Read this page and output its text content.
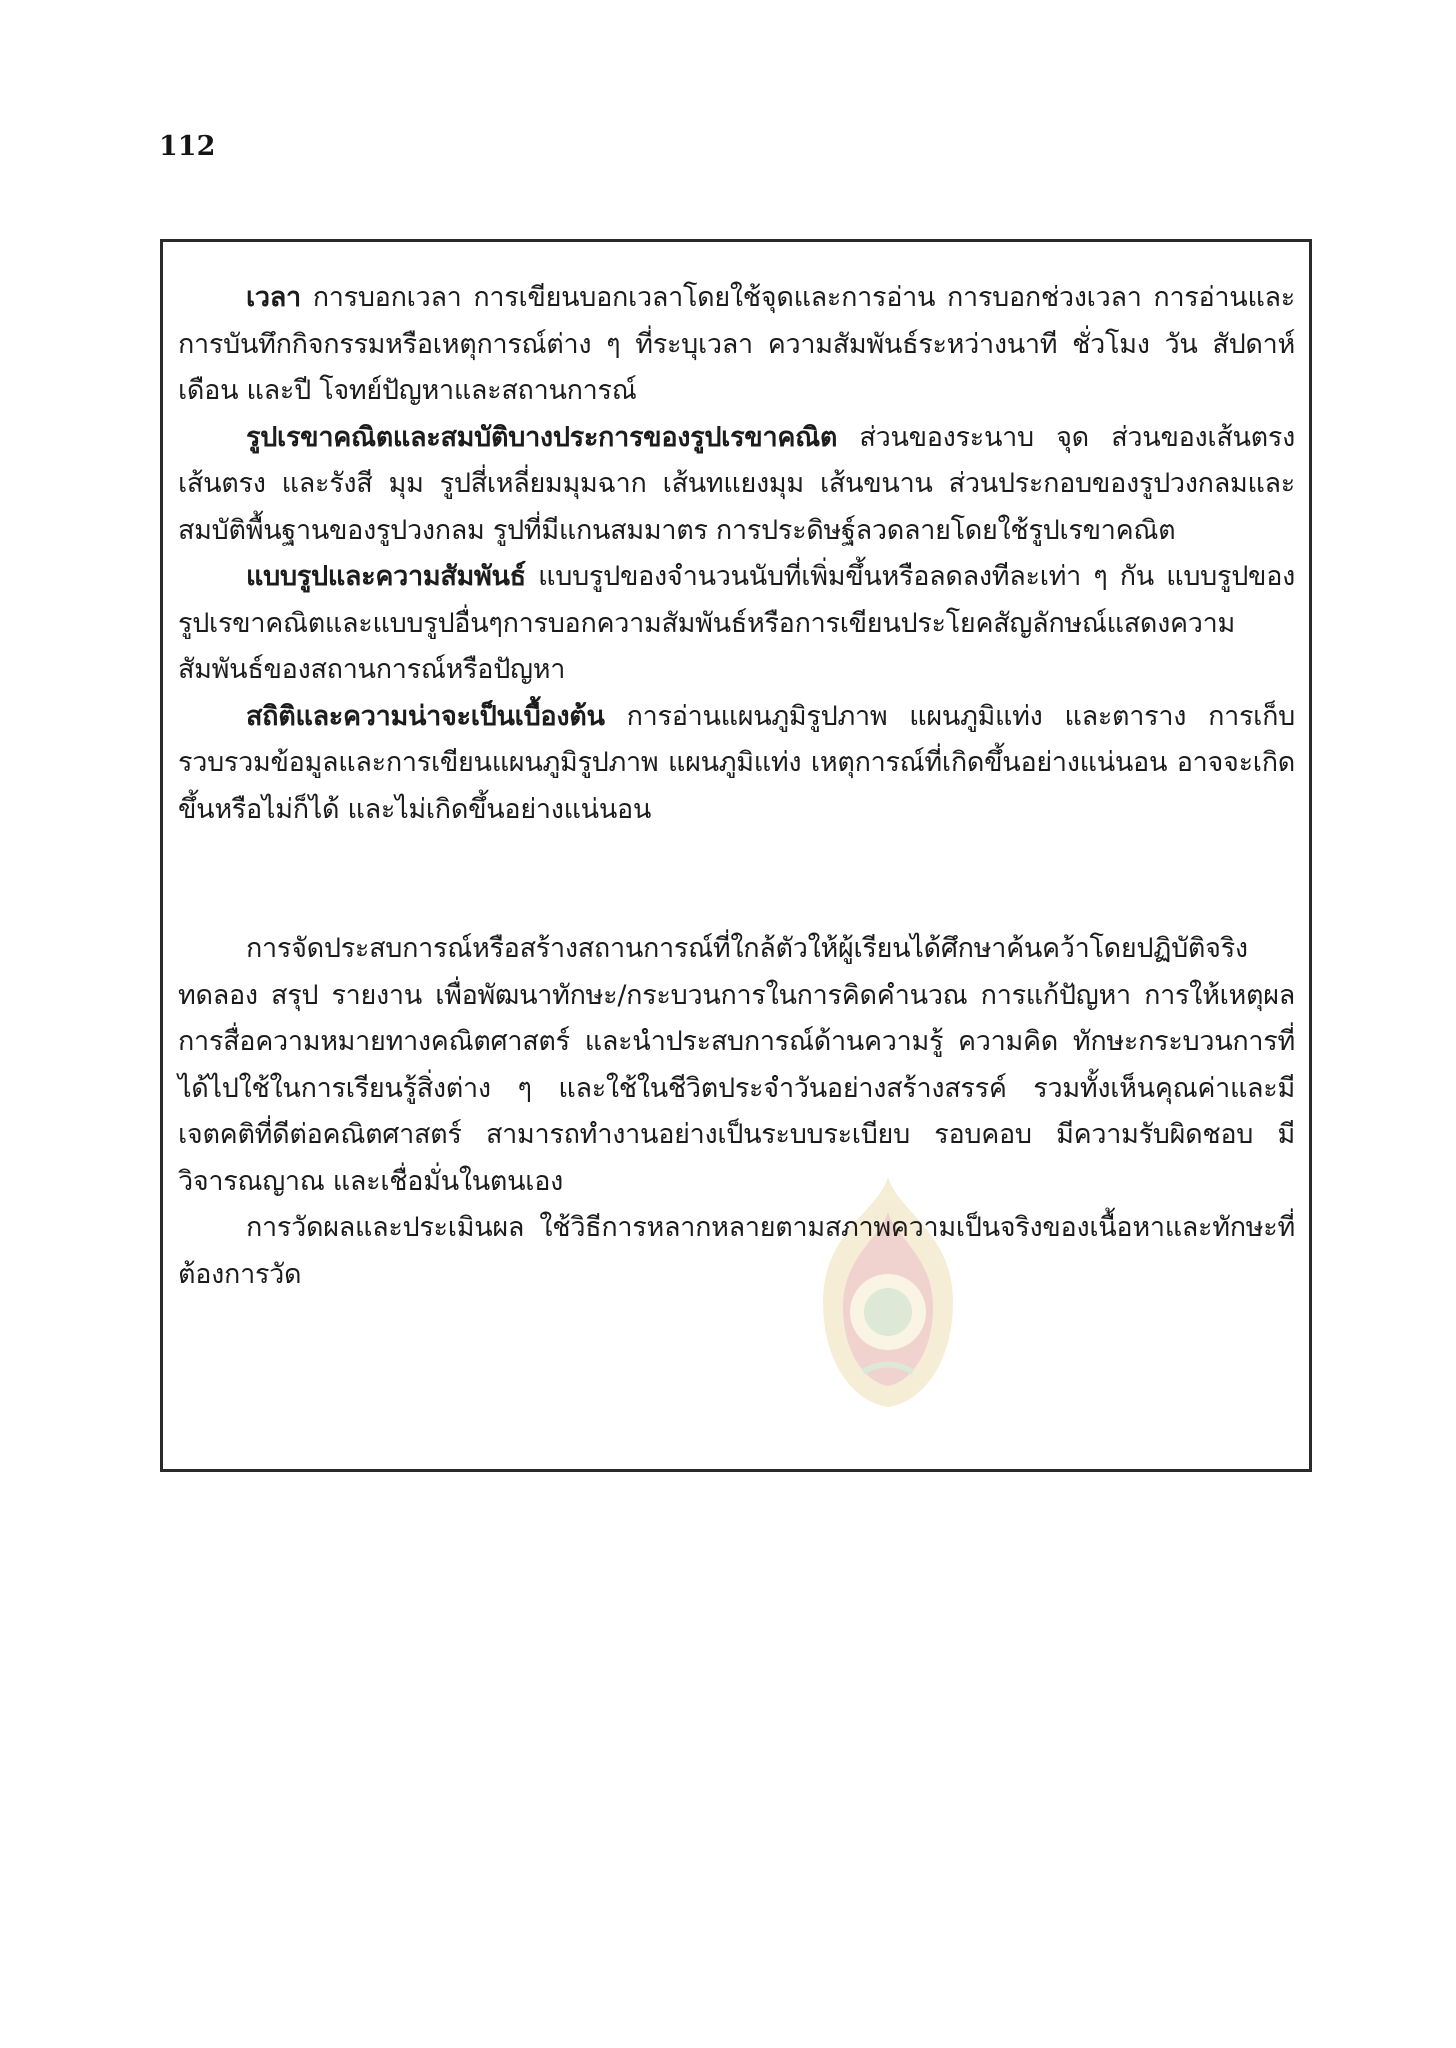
112

เวลา การบอกเวลา การเขียนบอกเวลาโดยใช้จุดและการอ่าน การบอกช่วงเวลา การอ่านและการบันทึกกิจกรรมหรือเหตุการณ์ต่าง ๆ ที่ระบุเวลา ความสัมพันธ์ระหว่างนาที ชั่วโมง วัน สัปดาห์ เดือน และปี โจทย์ปัญหาและสถานการณ์

รูปเรขาคณิตและสมบัติบางประการของรูปเรขาคณิต ส่วนของระนาบ จุด ส่วนของเส้นตรง เส้นตรง และรังสี มุม รูปสี่เหลี่ยมมุมฉาก เส้นทแยงมุม เส้นขนาน ส่วนประกอบของรูปวงกลมและสมบัติพื้นฐานของรูปวงกลม รูปที่มีแกนสมมาตร การประดิษฐ์ลวดลายโดยใช้รูปเรขาคณิต

แบบรูปและความสัมพันธ์ แบบรูปของจำนวนนับที่เพิ่มขึ้นหรือลดลงทีละเท่า ๆ กัน แบบรูปของรูปเรขาคณิตและแบบรูปอื่นๆการบอกความสัมพันธ์หรือการเขียนประโยคสัญลักษณ์แสดงความสัมพันธ์ของสถานการณ์หรือปัญหา

สถิติและความน่าจะเป็นเบื้องต้น การอ่านแผนภูมิรูปภาพ แผนภูมิแท่ง และตาราง การเก็บรวบรวมข้อมูลและการเขียนแผนภูมิรูปภาพ แผนภูมิแท่ง เหตุการณ์ที่เกิดขึ้นอย่างแน่นอน อาจจะเกิดขึ้นหรือไม่ก็ได้ และไม่เกิดขึ้นอย่างแน่นอน

การจัดประสบการณ์หรือสร้างสถานการณ์ที่ใกล้ตัวให้ผู้เรียนได้ศึกษาค้นคว้าโดยปฏิบัติจริง ทดลอง สรุป รายงาน เพื่อพัฒนาทักษะ/กระบวนการในการคิดคำนวณ การแก้ปัญหา การให้เหตุผล การสื่อความหมายทางคณิตศาสตร์ และนำประสบการณ์ด้านความรู้ ความคิด ทักษะกระบวนการที่ได้ไปใช้ในการเรียนรู้สิ่งต่าง ๆ และใช้ในชีวิตประจำวันอย่างสร้างสรรค์ รวมทั้งเห็นคุณค่าและมีเจตคติที่ดีต่อคณิตศาสตร์ สามารถทำงานอย่างเป็นระบบระเบียบ รอบคอบ มีความรับผิดชอบ มีวิจารณญาณ และเชื่อมั่นในตนเอง

การวัดผลและประเมินผล ใช้วิธีการหลากหลายตามสภาพความเป็นจริงของเนื้อหาและทักษะที่ต้องการวัด
